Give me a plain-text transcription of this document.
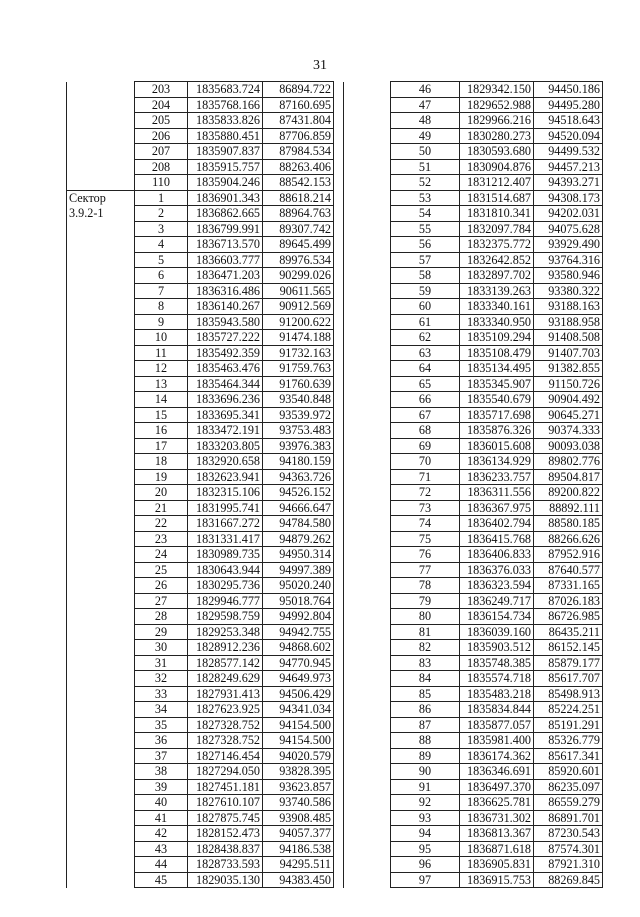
31
	203	1835683.724	86894.722
	204	1835768.166	87160.695
	205	1835833.826	87431.804
	206	1835880.451	87706.859
	207	1835907.837	87984.534
	208	1835915.757	88263.406
	110	1835904.246	88542.153
Сектор	1	1836901.343	88618.214
3.9.2-1	2	1836862.665	88964.763
	3	1836799.991	89307.742
	4	1836713.570	89645.499
	5	1836603.777	89976.534
	6	1836471.203	90299.026
	7	1836316.486	90611.565
	8	1836140.267	90912.569
	9	1835943.580	91200.622
	10	1835727.222	91474.188
	11	1835492.359	91732.163
	12	1835463.476	91759.763
	13	1835464.344	91760.639
	14	1833696.236	93540.848
	15	1833695.341	93539.972
	16	1833472.191	93753.483
	17	1833203.805	93976.383
	18	1832920.658	94180.159
	19	1832623.941	94363.726
	20	1832315.106	94526.152
	21	1831995.741	94666.647
	22	1831667.272	94784.580
	23	1831331.417	94879.262
	24	1830989.735	94950.314
	25	1830643.944	94997.389
	26	1830295.736	95020.240
	27	1829946.777	95018.764
	28	1829598.759	94992.804
	29	1829253.348	94942.755
	30	1828912.236	94868.602
	31	1828577.142	94770.945
	32	1828249.629	94649.973
	33	1827931.413	94506.429
	34	1827623.925	94341.034
	35	1827328.752	94154.500
	36	1827328.752	94154.500
	37	1827146.454	94020.579
	38	1827294.050	93828.395
	39	1827451.181	93623.857
	40	1827610.107	93740.586
	41	1827875.745	93908.485
	42	1828152.473	94057.377
	43	1828438.837	94186.538
	44	1828733.593	94295.511
	45	1829035.130	94383.450
	46	1829342.150	94450.186
	47	1829652.988	94495.280
	48	1829966.216	94518.643
	49	1830280.273	94520.094
	50	1830593.680	94499.532
	51	1830904.876	94457.213
	52	1831212.407	94393.271
	53	1831514.687	94308.173
	54	1831810.341	94202.031
	55	1832097.784	94075.628
	56	1832375.772	93929.490
	57	1832642.852	93764.316
	58	1832897.702	93580.946
	59	1833139.263	93380.322
	60	1833340.161	93188.163
	61	1833340.950	93188.958
	62	1835109.294	91408.508
	63	1835108.479	91407.703
	64	1835134.495	91382.855
	65	1835345.907	91150.726
	66	1835540.679	90904.492
	67	1835717.698	90645.271
	68	1835876.326	90374.333
	69	1836015.608	90093.038
	70	1836134.929	89802.776
	71	1836233.757	89504.817
	72	1836311.556	89200.822
	73	1836367.975	88892.111
	74	1836402.794	88580.185
	75	1836415.768	88266.626
	76	1836406.833	87952.916
	77	1836376.033	87640.577
	78	1836323.594	87331.165
	79	1836249.717	87026.183
	80	1836154.734	86726.985
	81	1836039.160	86435.211
	82	1835903.512	86152.145
	83	1835748.385	85879.177
	84	1835574.718	85617.707
	85	1835483.218	85498.913
	86	1835834.844	85224.251
	87	1835877.057	85191.291
	88	1835981.400	85326.779
	89	1836174.362	85617.341
	90	1836346.691	85920.601
	91	1836497.370	86235.097
	92	1836625.781	86559.279
	93	1836731.302	86891.701
	94	1836813.367	87230.543
	95	1836871.618	87574.301
	96	1836905.831	87921.310
	97	1836915.753	88269.845
